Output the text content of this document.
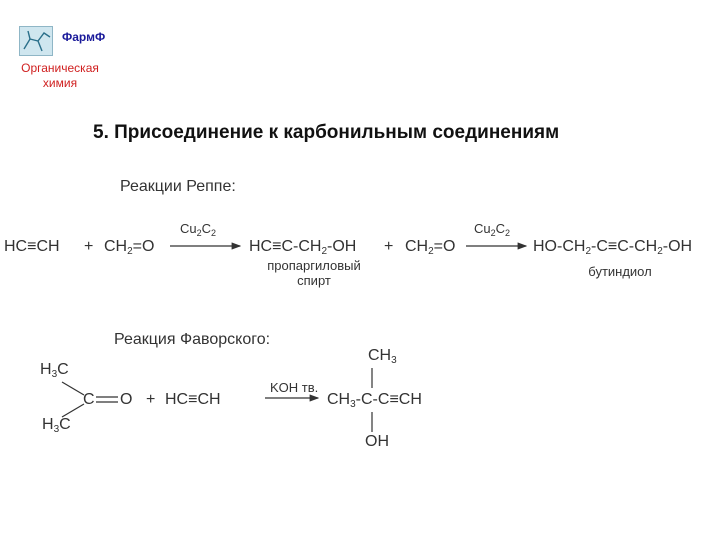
ФармФ
Органическая химия
5. Присоединение к карбонильным соединениям
Реакции Реппе:
$HC\equiv CH + CH_2=O$
$Cu_2C_2$
$HC\equiv C-CH_2-OH$
пропаргиловый спирт
+ $CH_2=O$
$Cu_2C_2$
$HO-CH_2-C\equiv C-CH_2-OH$
бутиндиол
Реакция Фаворского:
$H_3C$
C O
$H_3C$
+ HC≡CH
KOH тв.
$CH_3$
$CH_3-C-C\equiv CH$
OH
